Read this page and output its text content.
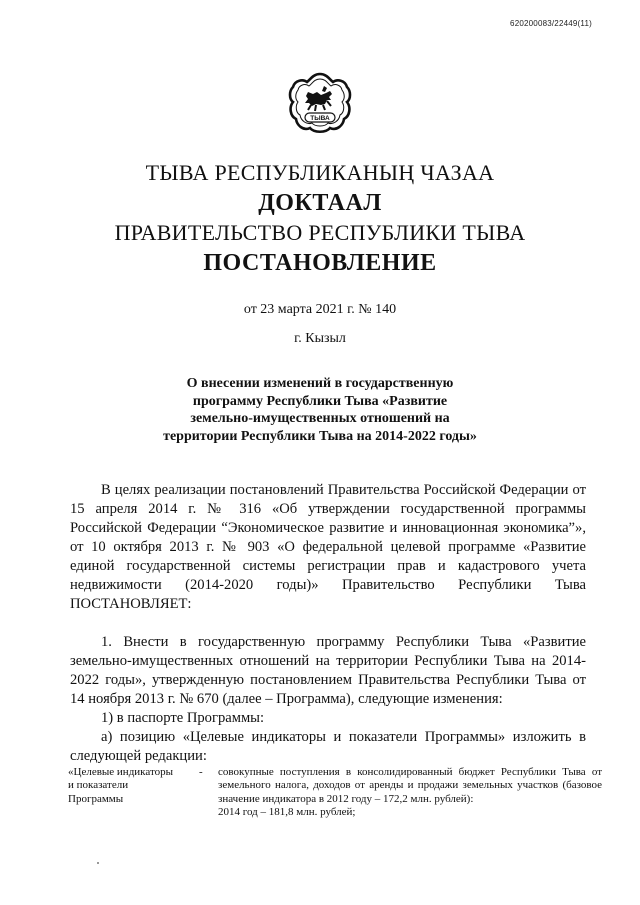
620200083/22449(11)
ТЫВА
ТЫВА РЕСПУБЛИКАНЫҢ ЧАЗАА
ДОКТААЛ
ПРАВИТЕЛЬСТВО РЕСПУБЛИКИ ТЫВА
ПОСТАНОВЛЕНИЕ
от 23 марта 2021 г. № 140
г. Кызыл
О внесении изменений в государственную
программу Республики Тыва «Развитие
земельно-имущественных отношений на
территории Республики Тыва на 2014-2022 годы»

В целях реализации постановлений Правительства Российской Федерации от 15 апреля 2014 г. № 316 «Об утверждении государственной программы Российской Федерации “Экономическое развитие и инновационная экономика”», от 10 октября 2013 г. № 903 «О федеральной целевой программе «Развитие единой государственной системы регистрации прав и кадастрового учета недвижимости (2014-2020 годы)» Правительство Республики Тыва ПОСТАНОВЛЯЕТ:

1. Внести в государственную программу Республики Тыва «Развитие земельно-имущественных отношений на территории Республики Тыва на 2014-2022 годы», утвержденную постановлением Правительства Республики Тыва от 14 ноября 2013 г. № 670 (далее – Программа), следующие изменения:

1) в паспорте Программы:

а) позицию «Целевые индикаторы и показатели Программы» изложить в следующей редакции:

«Целевые индикаторы и показатели Программы
- совокупные поступления в консолидированный бюджет Республики Тыва от земельного налога, доходов от аренды и продажи земельных участков (базовое значение индикатора в 2012 году – 172,2 млн. рублей):
2014 год – 181,8 млн. рублей;
